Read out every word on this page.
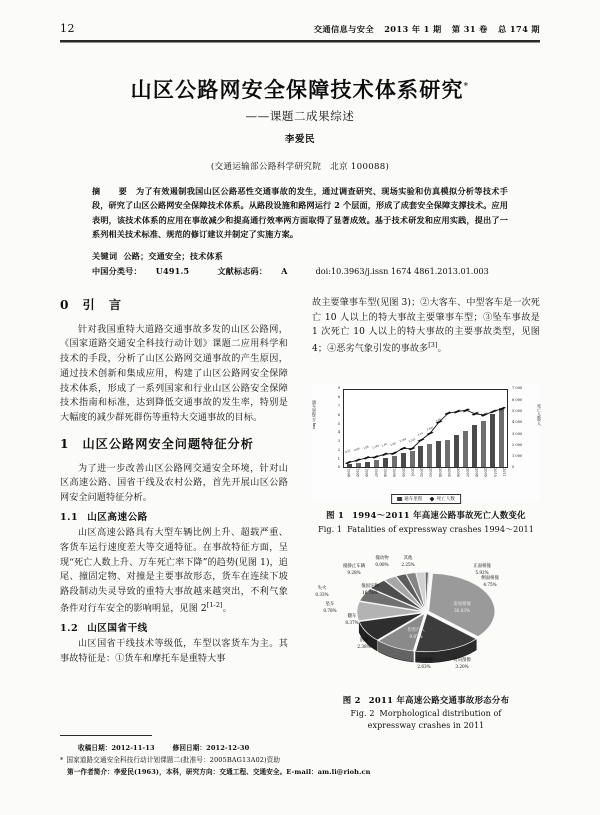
12	交通信息与安全 2013 年 1 期 第 31 卷 总 174 期
山区公路网安全保障技术体系研究*
——课题二成果综述
李爱民
(交通运输部公路科学研究院　北京 100088)
摘　要 为了有效遏制我国山区公路恶性交通事故的发生，通过调查研究、现场实验和仿真模拟分析等技术手段，研究了山区公路网安全保障技术体系。从路段设施和路网运行 2 个层面，形成了成套安全保障支撑技术。应用表明，该技术体系的应用在事故减少和提高通行效率两方面取得了显著成效。基于技术研发和应用实践，提出了一系列相关技术标准、规范的修订建议并制定了实施方案。
关键词 公路；交通安全；技术体系
中国分类号： U491.5	文献标志码： A	doi:10.3963/j.issn 1674 4861.2013.01.003
0 引　言

针对我国重特大道路交通事故多发的山区公路网，《国家道路交通安全科技行动计划》课题二应用科学和技术的手段，分析了山区公路网交通事故的产生原因，通过技术创新和集成应用，构建了山区公路网安全保障技术体系，形成了一系列国家和行业山区公路安全保障技术指南和标准，达到降低交通事故的发生率，特别是大幅度的减少群死群伤等重特大交通事故的目标。

1 山区公路网安全问题特征分析

为了进一步改善山区公路网交通安全环境，针对山区高速公路、国省干线及农村公路，首先开展山区公路网安全问题特征分析。

1.1 山区高速公路

山区高速公路具有大型车辆比例上升、超载严重、客货车运行速度差大等交通特征。在事故特征方面，呈现“死亡人数上升、万车死亡率下降”的趋势(见图 1)，追尾、撞固定物、对撞是主要事故形态，货车在连续下坡路段制动失灵导致的重特大事故越来越突出，不利气象条件对行车安全的影响明显，见图 2[1-2]。

1.2 山区国省干线

山区国省干线技术等级低，车型以客货车为主。其事故特征是：①货车和摩托车是重特大事

故主要肇事车型(见图 3)；②大客车、中型客车是一次死亡 10 人以上的特大事故主要肇事车型；③坠车事故是 1 次死亡 10 人以上的特大事故的主要事故类型，见图 4；④恶劣气象引发的事故多[3]。

通车里程/万 km	死亡人数/人
0
1
2
3
4
5
6
7
8
9
0
1 000
2 000
3 000
4 000
5 000
6 000
7 000
0.52 0.80 1.08 1.182 1.48 1.60
2.163 2.142
3.14
3.932
5.26
6.27 6.487 6.644
6.210 6.082
6.500 6.84
1994 1995 1996 1997 1998 1999 2000 2001 2002 2003 2004 2005 2006 2007 2008 2009 2010 2011
通车里程	死亡人数
图 1 1994～2011 年高速公路事故死亡人数变化
Fig. 1 Fatalities of expressway crashes 1994～2011
追尾相撞
36.83%
撞固定物
16.76%
伤害行人
9.87%
撞静止车辆
9.28%
翻车
8.37%
正面相撞
5.92%
侧面相撞
4.75%
对向刮擦
3.20%
同向刮擦
2.63%
刮撞
2.38%
其他
2.25%
坠车
0.78%
失火
0.33%
撞动物
0.08%
图 2 2011 年高速公路交通事故形态分布
Fig. 2 Morphological distribution of
expressway crashes in 2011
收稿日期：2012-11-13	修回日期：2012-12-30
* 国家道路交通安全科技行动计划课题二(批准号：2005BAG13A02)资助
第一作者简介：李爱民(1963)，本科，研究方向：交通工程、交通安全。E-mail：am.li@rioh.cn
